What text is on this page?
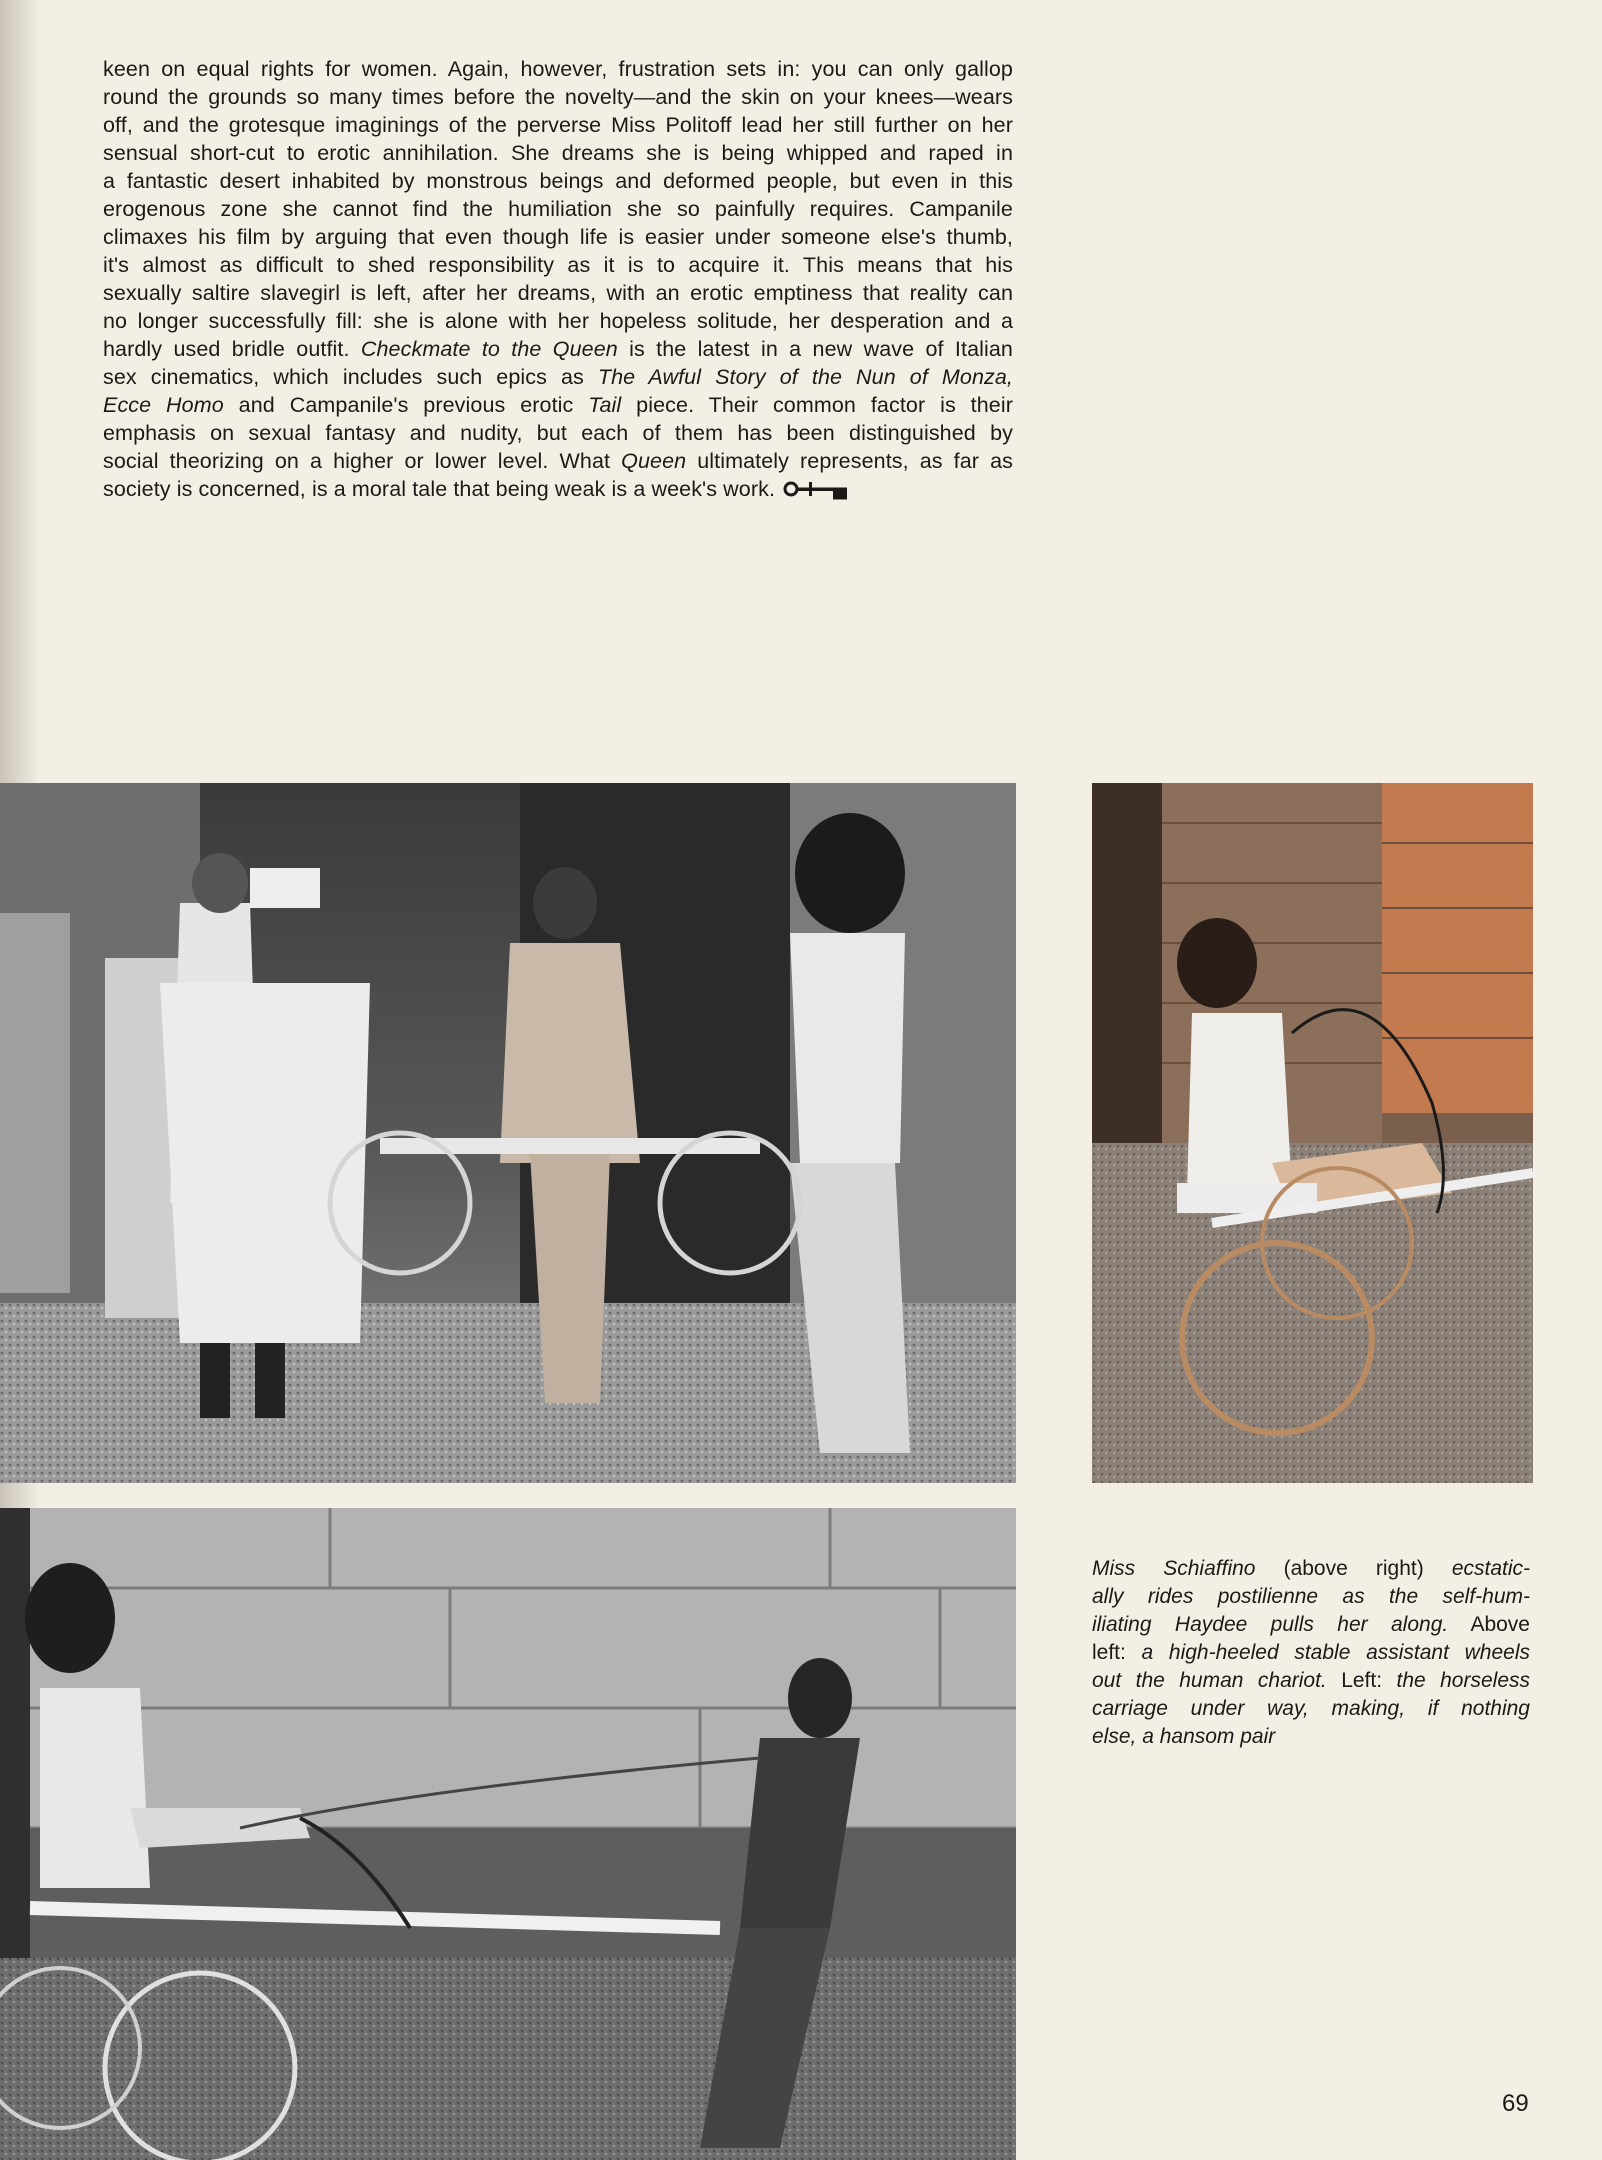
keen on equal rights for women. Again, however, frustration sets in: you can only gallop
round the grounds so many times before the novelty—and the skin on your knees—wears
off, and the grotesque imaginings of the perverse Miss Politoff lead her still further on her
sensual short-cut to erotic annihilation. She dreams she is being whipped and raped in
a fantastic desert inhabited by monstrous beings and deformed people, but even in this
erogenous zone she cannot find the humiliation she so painfully requires. Campanile
climaxes his film by arguing that even though life is easier under someone else's thumb,
it's almost as difficult to shed responsibility as it is to acquire it. This means that his
sexually saltire slavegirl is left, after her dreams, with an erotic emptiness that reality can
no longer successfully fill: she is alone with her hopeless solitude, her desperation and a
hardly used bridle outfit. Checkmate to the Queen is the latest in a new wave of Italian
sex cinematics, which includes such epics as The Awful Story of the Nun of Monza,
Ecce Homo and Campanile's previous erotic Tail piece. Their common factor is their
emphasis on sexual fantasy and nudity, but each of them has been distinguished by
social theorizing on a higher or lower level. What Queen ultimately represents, as far as
society is concerned, is a moral tale that being weak is a week's work.
Miss Schiaffino (above right) ecstatic-
ally rides postilienne as the self-hum-
iliating Haydee pulls her along. Above
left: a high-heeled stable assistant wheels
out the human chariot. Left: the horseless
carriage under way, making, if nothing
else, a hansom pair
69
